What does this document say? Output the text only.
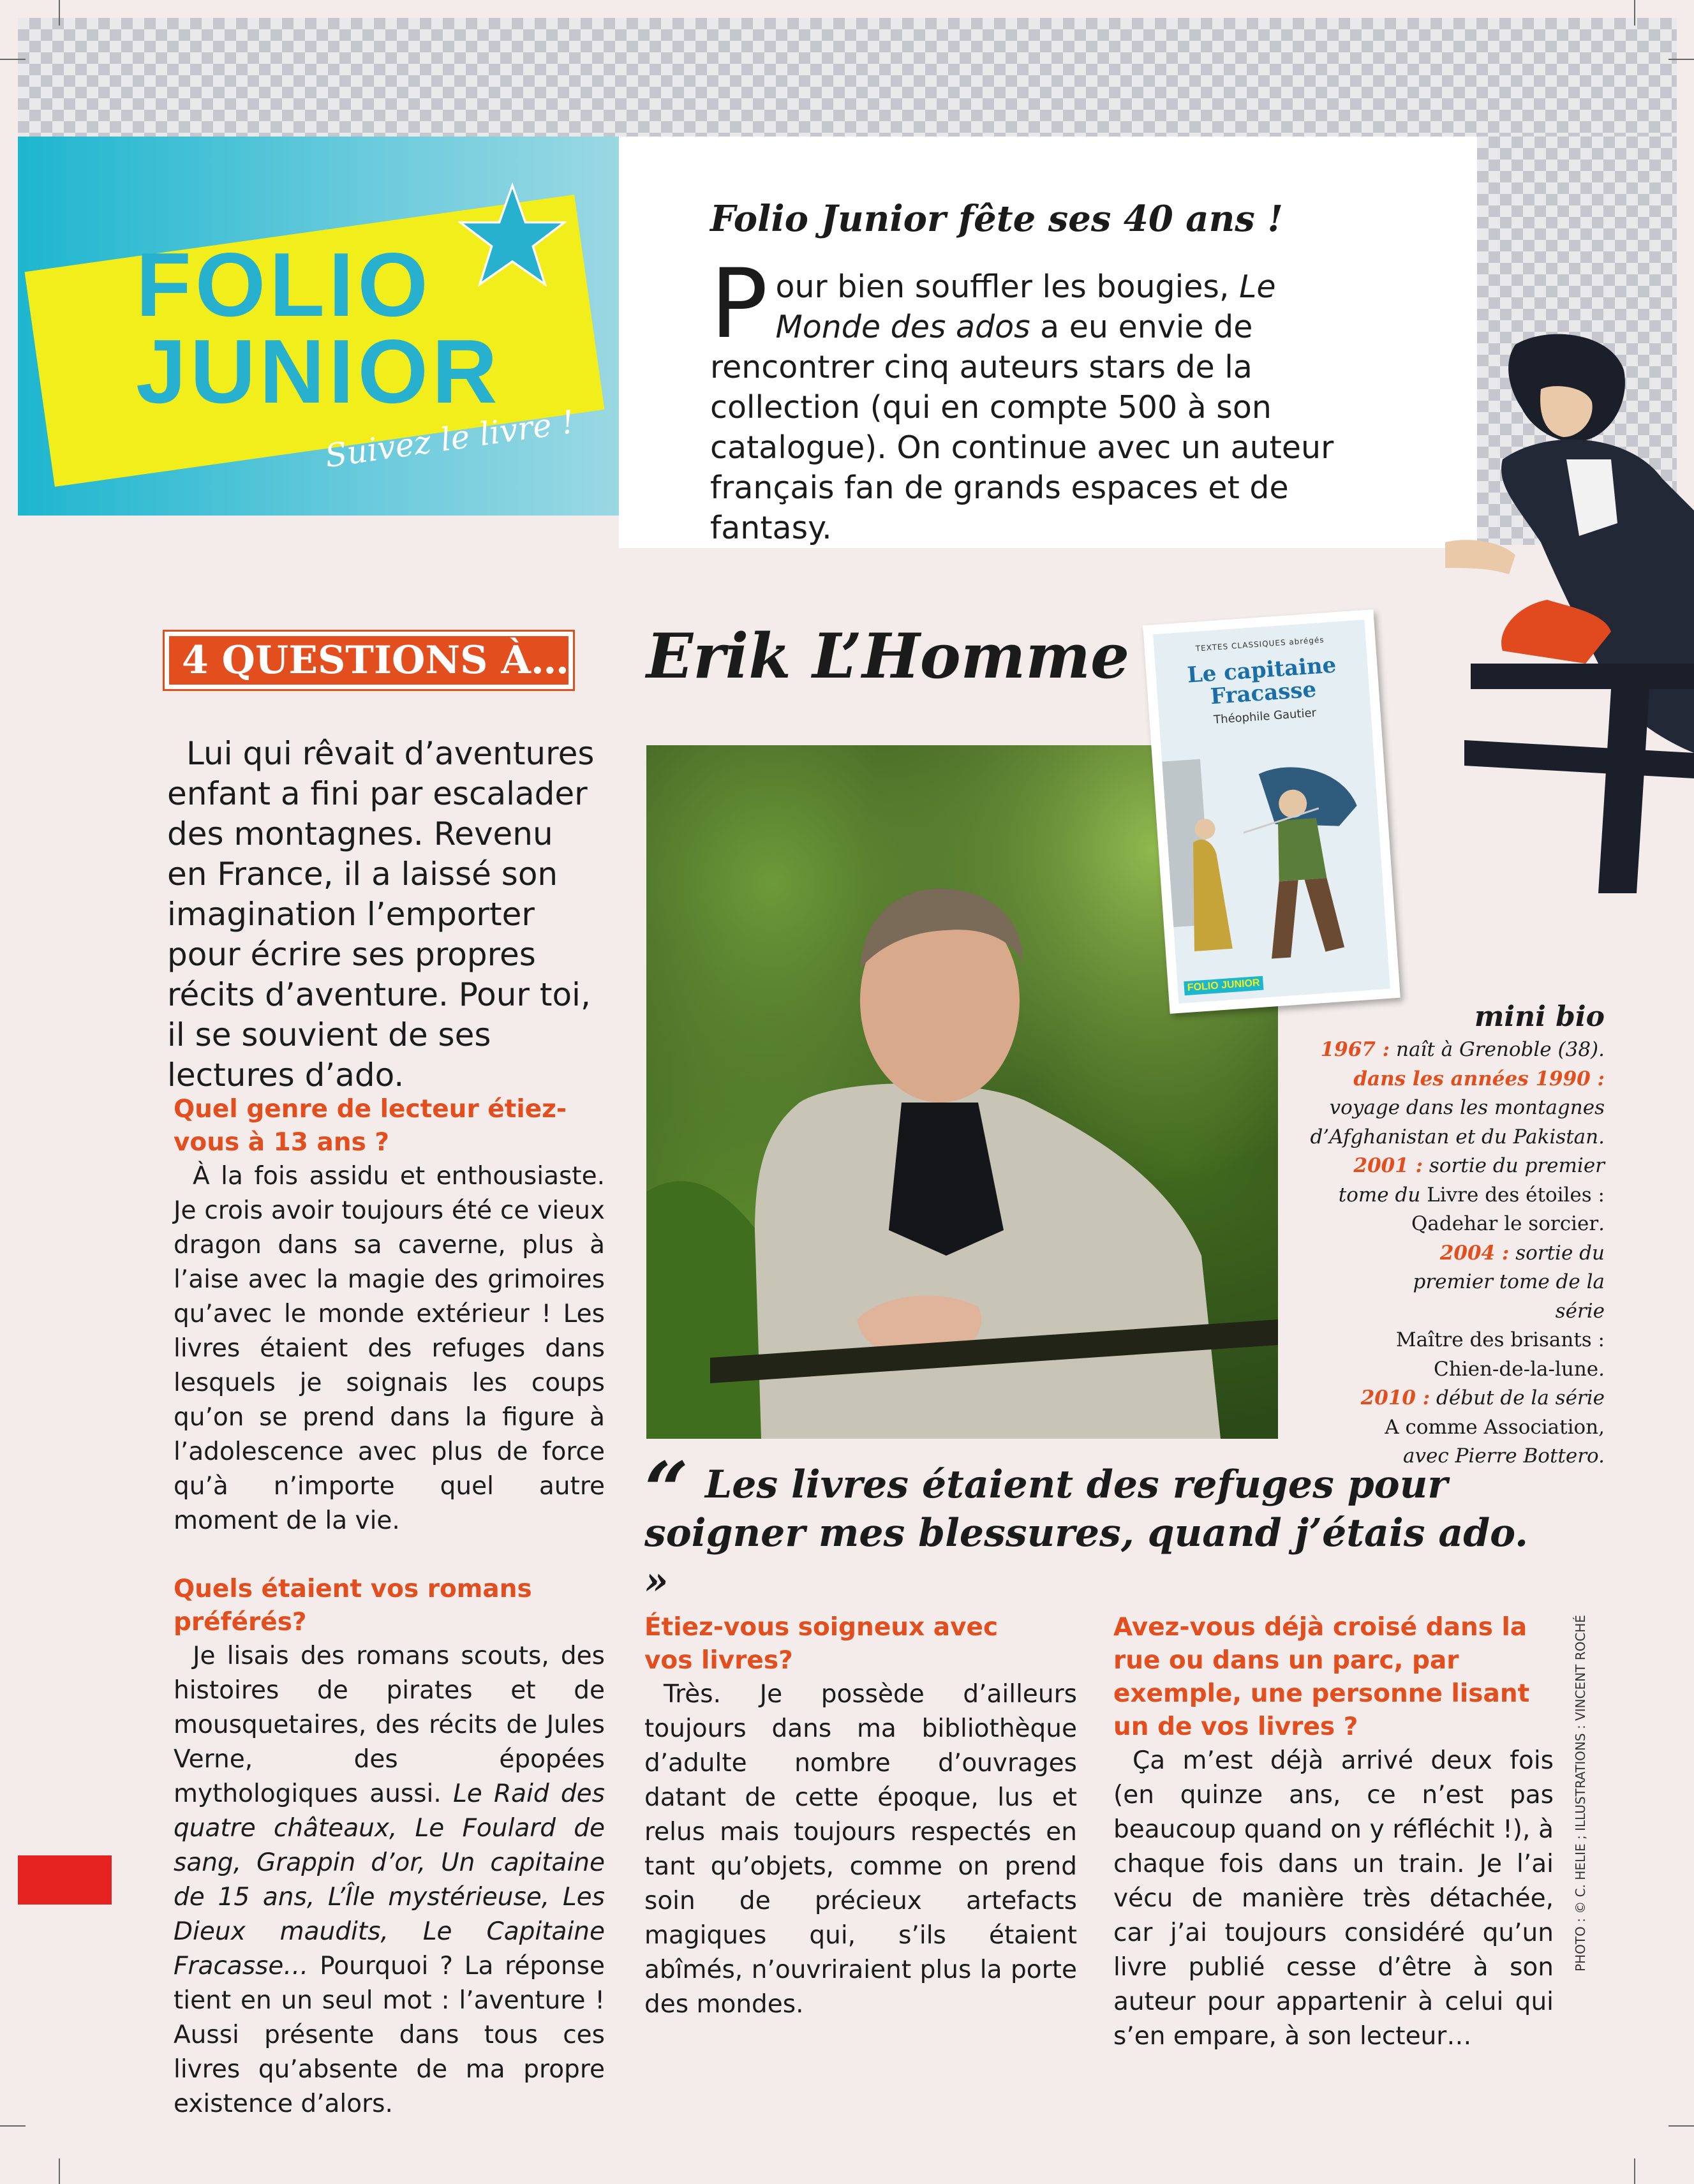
FOLIO
JUNIOR
Suivez le livre !
Folio Junior fête ses 40 ans !
Pour bien souffler les bougies, Le Monde des ados a eu envie de rencontrer cinq auteurs stars de la collection (qui en compte 500 à son catalogue). On continue avec un auteur français fan de grands espaces et de fantasy.
4 QUESTIONS À… Erik L’Homme

Lui qui rêvait d’aventures enfant a fini par escalader des montagnes. Revenu en France, il a laissé son imagination l’emporter pour écrire ses propres récits d’aventure. Pour toi, il se souvient de ses lectures d’ado.

TEXTES CLASSIQUES abrégés
Le capitaine Fracasse
Théophile Gautier
FOLIO JUNIOR
mini bio
1967 : naît à Grenoble (38).
dans les années 1990 :
voyage dans les montagnes d’Afghanistan et du Pakistan.
2001 : sortie du premier tome du Livre des étoiles :
Qadehar le sorcier.
2004 : sortie du premier tome de la série
Maître des brisants :
Chien-de-la-lune.
2010 : début de la série
A comme Association,
avec Pierre Bottero.
Quel genre de lecteur étiez-vous à 13 ans ?

À la fois assidu et enthousiaste. Je crois avoir toujours été ce vieux dragon dans sa caverne, plus à l’aise avec la magie des grimoires qu’avec le monde extérieur ! Les livres étaient des refuges dans lesquels je soignais les coups qu’on se prend dans la figure à l’adolescence avec plus de force qu’à n’importe quel autre moment de la vie.

Quels étaient vos romans préférés?

Je lisais des romans scouts, des histoires de pirates et de mousquetaires, des récits de Jules Verne, des épopées mythologiques aussi. Le Raid des quatre châteaux, Le Foulard de sang, Grappin d’or, Un capitaine de 15 ans, L’Île mystérieuse, Les Dieux maudits, Le Capitaine Fracasse… Pourquoi ? La réponse tient en un seul mot : l’aventure ! Aussi présente dans tous ces livres qu’absente de ma propre existence d’alors.

“ Les livres étaient des refuges pour soigner mes blessures, quand j’étais ado. »
Étiez-vous soigneux avec vos livres?

Très. Je possède d’ailleurs toujours dans ma bibliothèque d’adulte nombre d’ouvrages datant de cette époque, lus et relus mais toujours respectés en tant qu’objets, comme on prend soin de précieux artefacts magiques qui, s’ils étaient abîmés, n’ouvriraient plus la porte des mondes.

Avez-vous déjà croisé dans la rue ou dans un parc, par exemple, une personne lisant un de vos livres ?

Ça m’est déjà arrivé deux fois (en quinze ans, ce n’est pas beaucoup quand on y réfléchit !), à chaque fois dans un train. Je l’ai vécu de manière très détachée, car j’ai toujours considéré qu’un livre publié cesse d’être à son auteur pour appartenir à celui qui s’en empare, à son lecteur…

PHOTO : © C. HELIE ; ILLUSTRATIONS : VINCENT ROCHÉ
